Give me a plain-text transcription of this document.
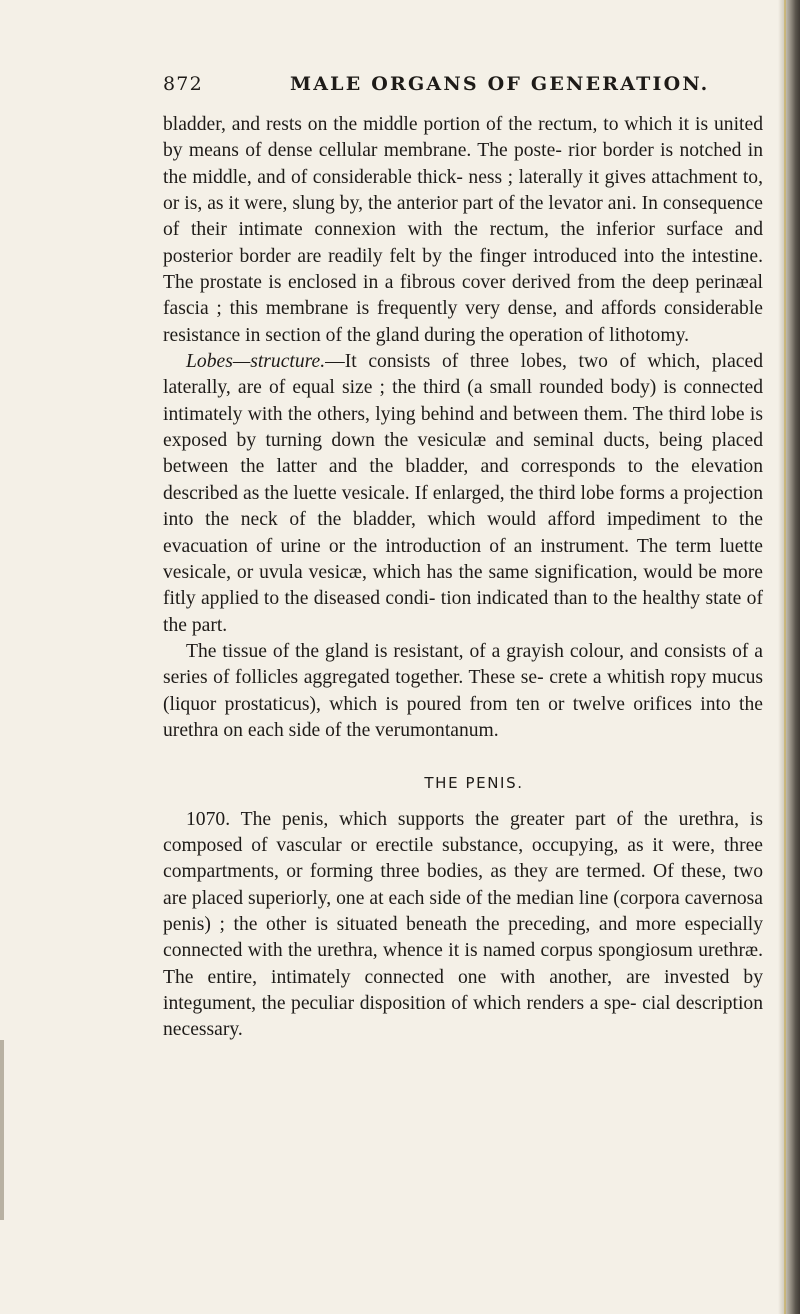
872	MALE ORGANS OF GENERATION.

bladder, and rests on the middle portion of the rectum, to which it is united by means of dense cellular membrane. The poste- rior border is notched in the middle, and of considerable thick- ness ; laterally it gives attachment to, or is, as it were, slung by, the anterior part of the levator ani. In consequence of their intimate connexion with the rectum, the inferior surface and posterior border are readily felt by the finger introduced into the intestine. The prostate is enclosed in a fibrous cover derived from the deep perinæal fascia ; this membrane is frequently very dense, and affords considerable resistance in section of the gland during the operation of lithotomy.

Lobes—structure.—It consists of three lobes, two of which, placed laterally, are of equal size ; the third (a small rounded body) is connected intimately with the others, lying behind and between them. The third lobe is exposed by turning down the vesiculæ and seminal ducts, being placed between the latter and the bladder, and corresponds to the elevation described as the luette vesicale. If enlarged, the third lobe forms a projection into the neck of the bladder, which would afford impediment to the evacuation of urine or the introduction of an instrument. The term luette vesicale, or uvula vesicæ, which has the same signification, would be more fitly applied to the diseased condi- tion indicated than to the healthy state of the part.

The tissue of the gland is resistant, of a grayish colour, and consists of a series of follicles aggregated together. These se- crete a whitish ropy mucus (liquor prostaticus), which is poured from ten or twelve orifices into the urethra on each side of the verumontanum.

THE PENIS.

1070. The penis, which supports the greater part of the urethra, is composed of vascular or erectile substance, occupying, as it were, three compartments, or forming three bodies, as they are termed. Of these, two are placed superiorly, one at each side of the median line (corpora cavernosa penis) ; the other is situated beneath the preceding, and more especially connected with the urethra, whence it is named corpus spongiosum urethræ. The entire, intimately connected one with another, are invested by integument, the peculiar disposition of which renders a spe- cial description necessary.
